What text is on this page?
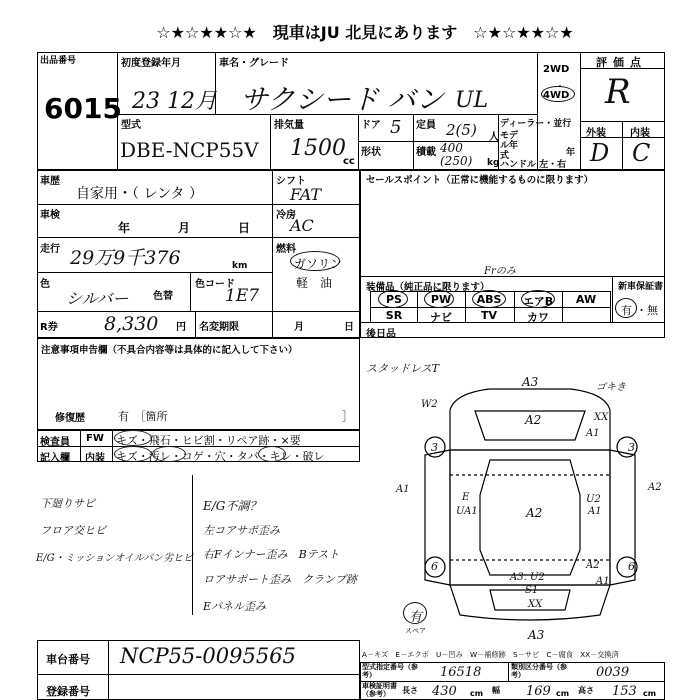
☆★☆★★☆★　現車はJU 北見にあります　☆★☆★★☆★
出品番号
6015
初度登録年月
23 12月
車名・グレード
サクシード バン UL
2WD
・
4WD
評価点
R
型式
DBE-NCP55V
排気量
1500
cc
ドア 5 定員 2(5) 人
ディーラー・並行
モデル年式	年
ハンドル 左・右
形状	積載 400 (250)	kg
外装 内装
D C
車歴
自家用・（ レンタ ）
シフト
FAT
車検
年	月	日
冷房
AC
走行 29万9千376	km
燃料
ガソリン
軽　油
色
シルバー 色替
色コード
1E7
R券 8,330 円 名変期限	月	日
セールスポイント（正常に機能するものに限ります）
装備品（純正品に限ります）
Frのみ
新車保証書
有 ・無
PS	PW	ABS	エアB	AW
SR	ナビ	TV	カワ
後日品
注意事項申告欄（不具合内容等は具体的に記入して下さい）
修復歴	有　［箇所	］
検査員
記入欄
FW
内装
キズ・飛石・ヒビ割・リペア跡・×要
キズ・汚レ・コゲ・穴・タバ・キレ・破レ
下廻りサビ
フロア交ヒビ
E/G・ミッションオイルパン劣ヒビ
E/G不調？
左コアサポ歪み
右Fインナー歪み　Bテスト
ロアサポート歪み　クランプ跡
Eパネル歪み
スタッドレスT
A3	ゴキき
W2
A2	XX
A1
3	3
A1	A2
E
UA1	A2
U2
A1
A2
6	6
A3. U2
S1
XX
A1
A3
有
スペア
A－キズ　E－エクボ　U－凹み　W－補修跡　S－サビ　C－腐食　XX－交換済
車台番号 NCP55-0095565
登録番号
型式指定番号（参考）	16518	類別区分番号（参考）	0039
車検証明書（参考）	長さ 430 cm 幅 169 cm 高さ 153 cm
